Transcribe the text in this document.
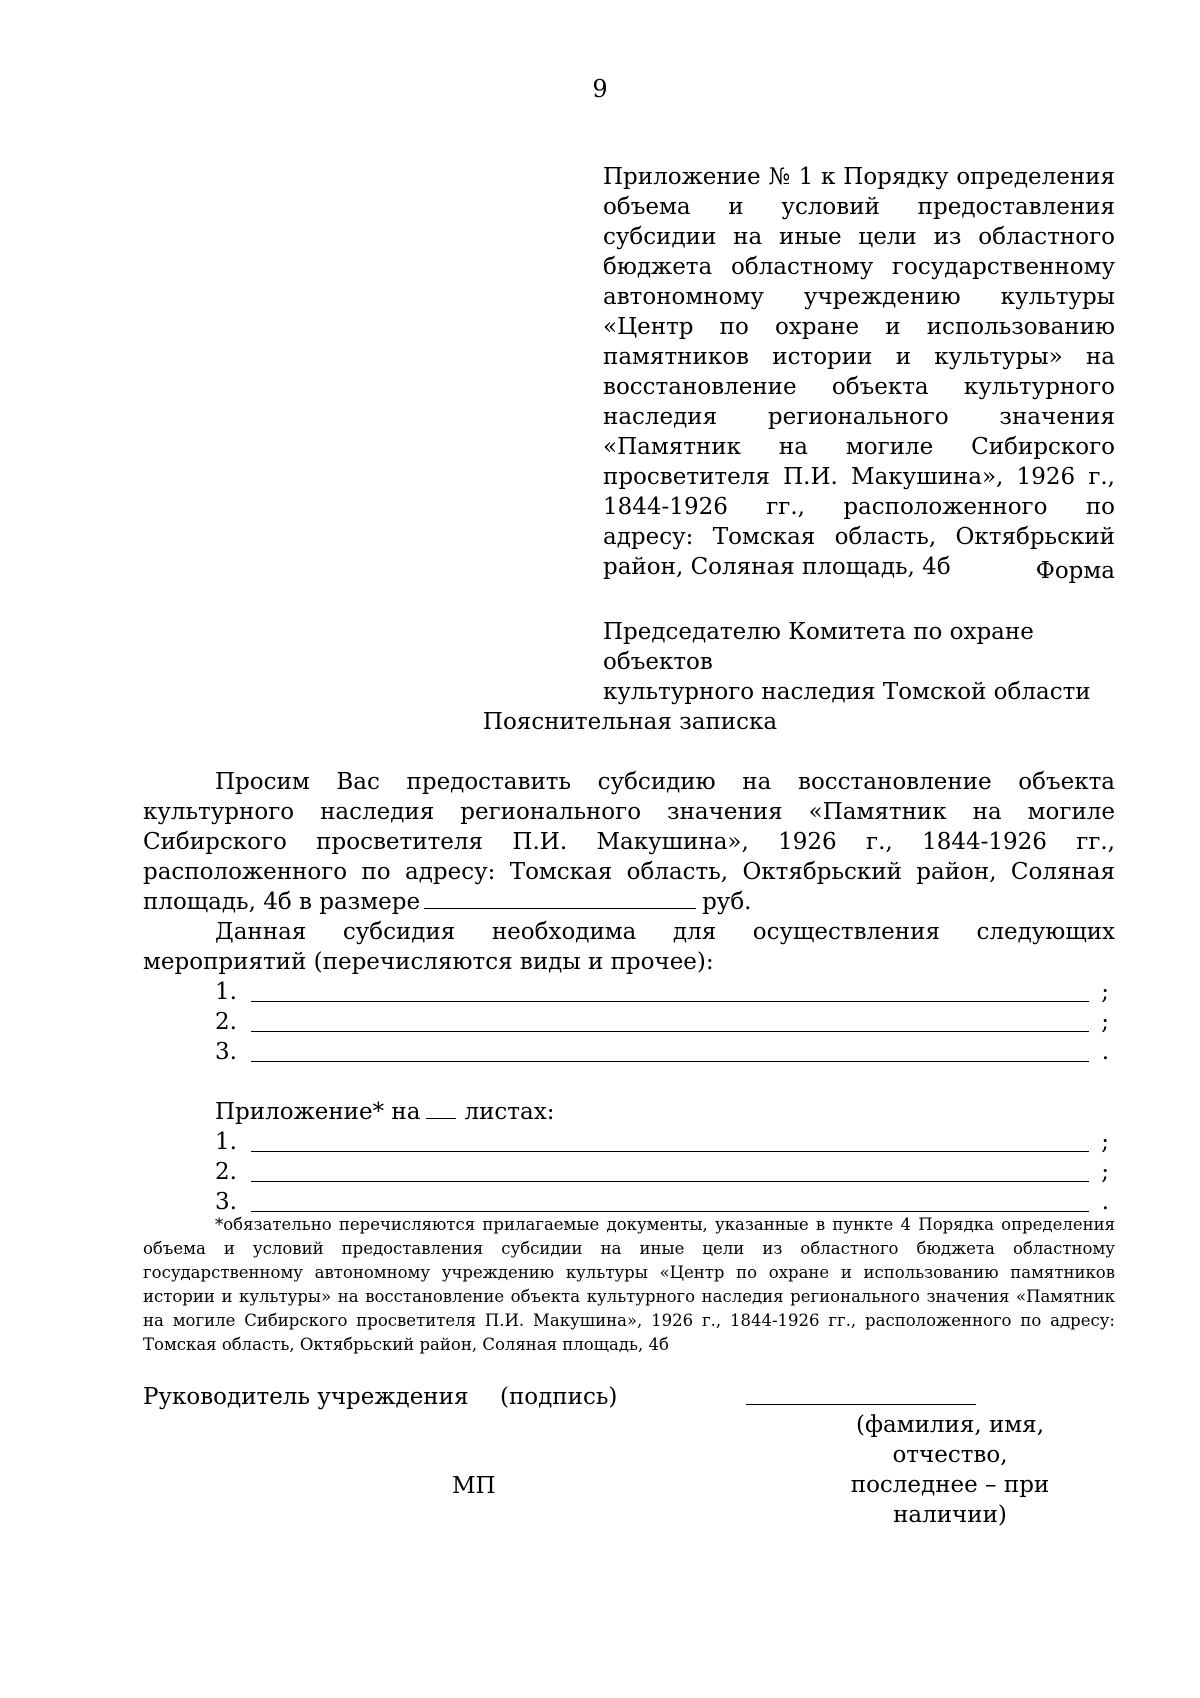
9
Приложение № 1 к Порядку определения объема и условий предоставления субсидии на иные цели из областного бюджета областному государственному автономному учреждению культуры «Центр по охране и использованию памятников истории и культуры» на восстановление объекта культурного наследия регионального значения «Памятник на могиле Сибирского просветителя П.И. Макушина», 1926 г., 1844-1926 гг., расположенного по адресу: Томская область, Октябрьский район, Соляная площадь, 4б	Форма
Председателю Комитета по охране объектов
культурного наследия Томской области
Пояснительная записка

Просим Вас предоставить субсидию на восстановление объекта культурного наследия регионального значения «Памятник на могиле Сибирского просветителя П.И. Макушина», 1926 г., 1844-1926 гг., расположенного по адресу: Томская область, Октябрьский район, Соляная площадь, 4б в размере	руб.

Данная субсидия необходима для осуществления следующих мероприятий (перечисляются виды и прочее):

1.	;
2.	;
3.	.
Приложение* на листах:
1.	;
2.	;
3.	.
*обязательно перечисляются прилагаемые документы, указанные в пункте 4 Порядка определения объема и условий предоставления субсидии на иные цели из областного бюджета областному государственному автономному учреждению культуры «Центр по охране и использованию памятников истории и культуры» на восстановление объекта культурного наследия регионального значения «Памятник на могиле Сибирского просветителя П.И. Макушина», 1926 г., 1844-1926 гг., расположенного по адресу: Томская область, Октябрьский район, Соляная площадь, 4б
Руководитель учреждения (подпись)
(фамилия, имя, отчество,
последнее – при наличии)
МП
